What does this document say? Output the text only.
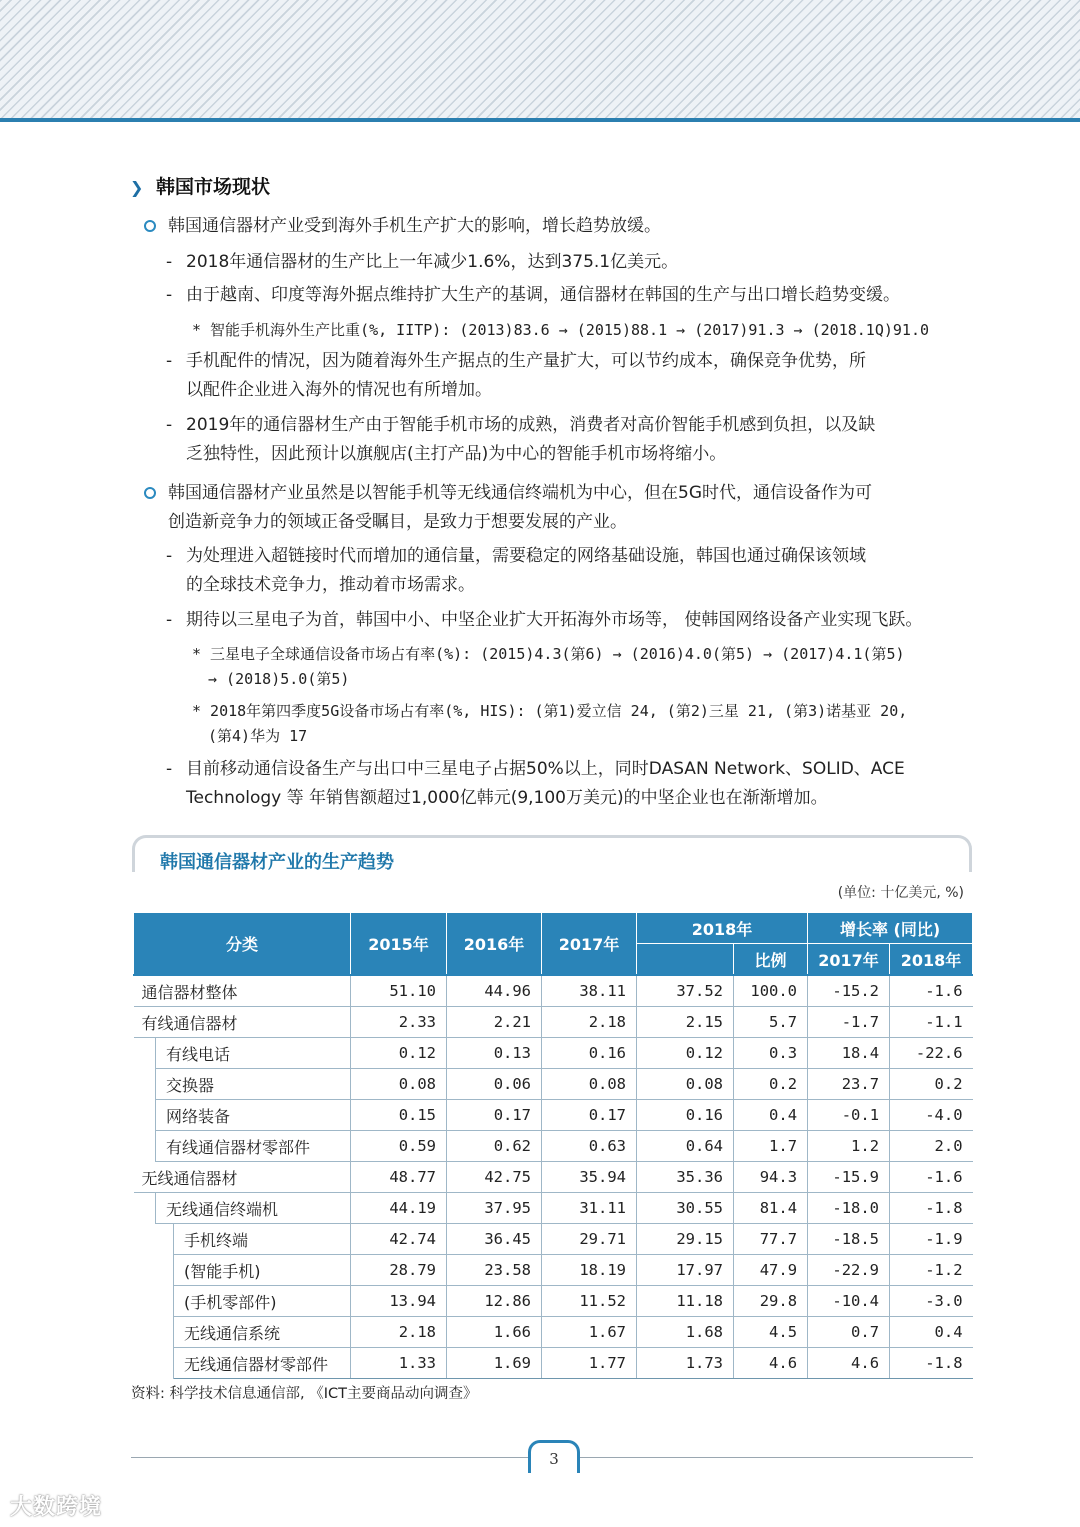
❯ 韩国市场现状
韩国通信器材产业受到海外手机生产扩大的影响，增长趋势放缓。
- 2018年通信器材的生产比上一年减少1.6%，达到375.1亿美元。
- 由于越南、印度等海外据点维持扩大生产的基调，通信器材在韩国的生产与出口增长趋势变缓。
* 智能手机海外生产比重(%, IITP): (2013)83.6 → (2015)88.1 → (2017)91.3 → (2018.1Q)91.0
- 手机配件的情况，因为随着海外生产据点的生产量扩大，可以节约成本，确保竞争优势，所
以配件企业进入海外的情况也有所增加。
- 2019年的通信器材生产由于智能手机市场的成熟，消费者对高价智能手机感到负担，以及缺
乏独特性，因此预计以旗舰店(主打产品)为中心的智能手机市场将缩小。
韩国通信器材产业虽然是以智能手机等无线通信终端机为中心，但在5G时代，通信设备作为可
创造新竞争力的领域正备受瞩目，是致力于想要发展的产业。
- 为处理进入超链接时代而增加的通信量，需要稳定的网络基础设施，韩国也通过确保该领域
的全球技术竞争力，推动着市场需求。
- 期待以三星电子为首，韩国中小、中坚企业扩大开拓海外市场等， 使韩国网络设备产业实现飞跃。
* 三星电子全球通信设备市场占有率(%): (2015)4.3(第6) → (2016)4.0(第5) → (2017)4.1(第5)
→ (2018)5.0(第5)
* 2018年第四季度5G设备市场占有率(%, HIS): (第1)爱立信 24, (第2)三星 21, (第3)诺基亚 20,
(第4)华为 17
- 目前移动通信设备生产与出口中三星电子占据50%以上，同时DASAN Network、SOLID、ACE
Technology 等 年销售额超过1,000亿韩元(9,100万美元)的中坚企业也在渐渐增加。
韩国通信器材产业的生产趋势
(单位: 十亿美元, %)
分类			2015年	2016年	2017年	2018年		增长率 (同比)	
							比例	2017年	2018年
通信器材整体			51.10	44.96	38.11	37.52	100.0	-15.2	-1.6
有线通信器材			2.33	2.21	2.18	2.15	5.7	-1.7	-1.1
	有线电话		0.12	0.13	0.16	0.12	0.3	18.4	-22.6
	交换器		0.08	0.06	0.08	0.08	0.2	23.7	0.2
	网络装备		0.15	0.17	0.17	0.16	0.4	-0.1	-4.0
	有线通信器材零部件		0.59	0.62	0.63	0.64	1.7	1.2	2.0
无线通信器材			48.77	42.75	35.94	35.36	94.3	-15.9	-1.6
	无线通信终端机		44.19	37.95	31.11	30.55	81.4	-18.0	-1.8
		手机终端	42.74	36.45	29.71	29.15	77.7	-18.5	-1.9
		(智能手机)	28.79	23.58	18.19	17.97	47.9	-22.9	-1.2
		(手机零部件)	13.94	12.86	11.52	11.18	29.8	-10.4	-3.0
		无线通信系统	2.18	1.66	1.67	1.68	4.5	0.7	0.4
		无线通信器材零部件	1.33	1.69	1.77	1.73	4.6	4.6	-1.8
资料: 科学技术信息通信部, 《ICT主要商品动向调查》
3
大数跨境
